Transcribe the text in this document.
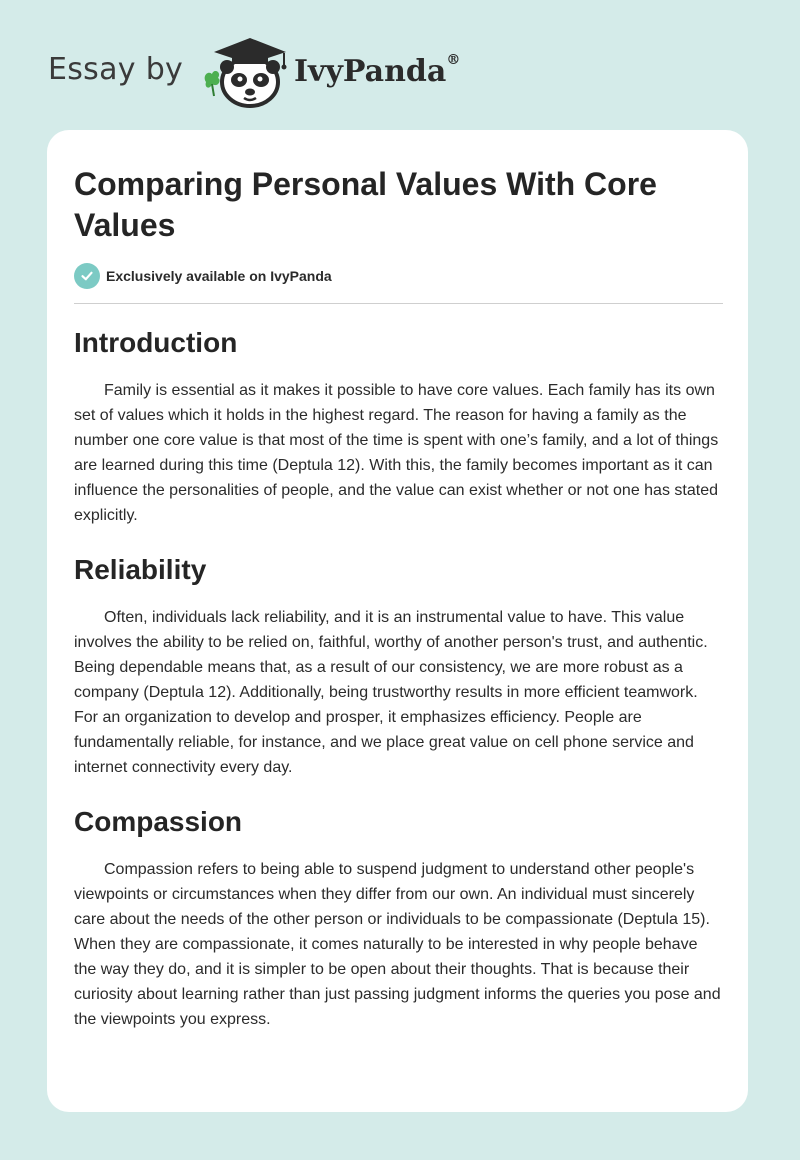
Essay by	IvyPanda®
Comparing Personal Values With Core Values
Exclusively available on IvyPanda
Introduction

Family is essential as it makes it possible to have core values. Each family has its own set of values which it holds in the highest regard. The reason for having a family as the number one core value is that most of the time is spent with one’s family, and a lot of things are learned during this time (Deptula 12). With this, the family becomes important as it can influence the personalities of people, and the value can exist whether or not one has stated explicitly.

Reliability

Often, individuals lack reliability, and it is an instrumental value to have. This value involves the ability to be relied on, faithful, worthy of another person's trust, and authentic. Being dependable means that, as a result of our consistency, we are more robust as a company (Deptula 12). Additionally, being trustworthy results in more efficient teamwork. For an organization to develop and prosper, it emphasizes efficiency. People are fundamentally reliable, for instance, and we place great value on cell phone service and internet connectivity every day.

Compassion

Compassion refers to being able to suspend judgment to understand other people's viewpoints or circumstances when they differ from our own. An individual must sincerely care about the needs of the other person or individuals to be compassionate (Deptula 15). When they are compassionate, it comes naturally to be interested in why people behave the way they do, and it is simpler to be open about their thoughts. That is because their curiosity about learning rather than just passing judgment informs the queries you pose and the viewpoints you express.
